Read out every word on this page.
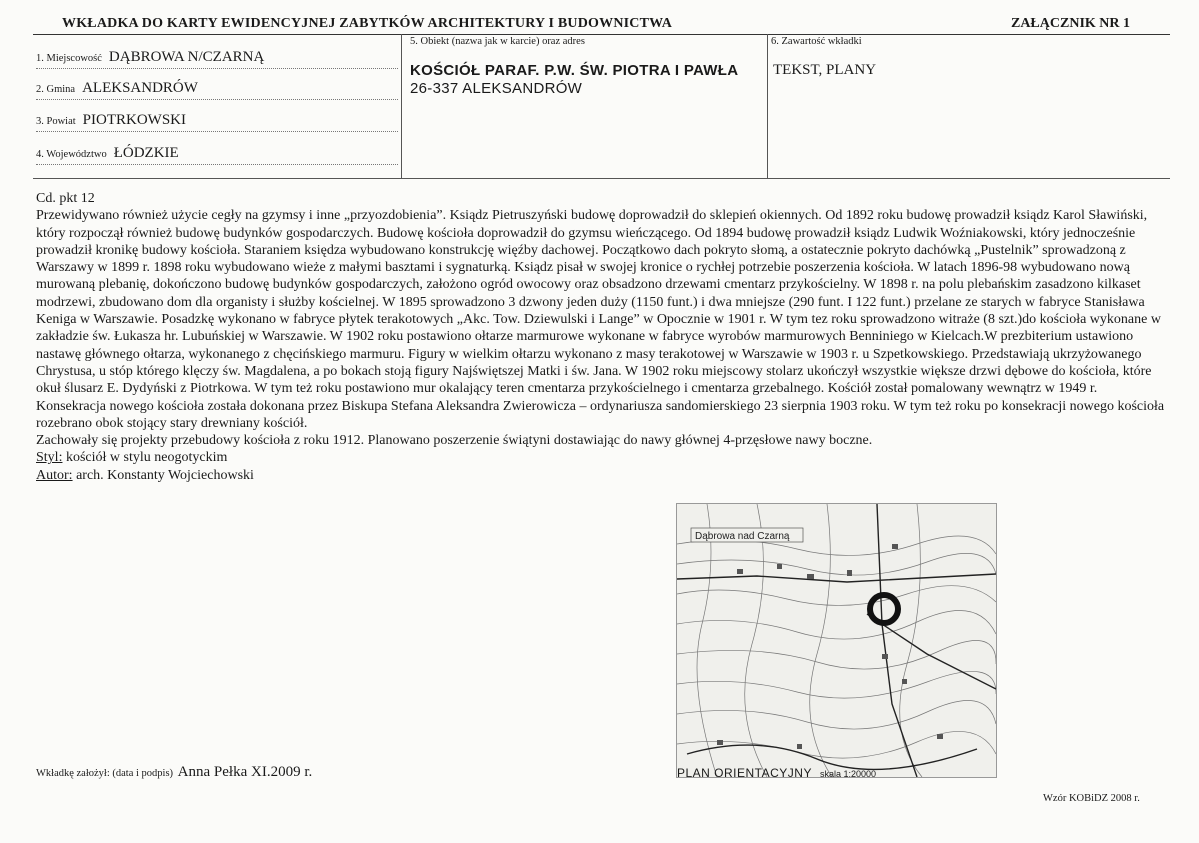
WKŁADKA DO KARTY EWIDENCYJNEJ ZABYTKÓW ARCHITEKTURY I BUDOWNICTWA	ZAŁĄCZNIK NR 1
1. Miejscowość DĄBROWA N/CZARNĄ
2. Gmina ALEKSANDRÓW
3. Powiat PIOTRKOWSKI
4. Województwo ŁÓDZKIE
5. Obiekt (nazwa jak w karcie) oraz adres
KOŚCIÓŁ PARAF. P.W. ŚW. PIOTRA I PAWŁA
26-337 ALEKSANDRÓW
6. Zawartość wkładki
TEKST, PLANY

Cd. pkt 12

Przewidywano również użycie cegły na gzymsy i inne „przyozdobienia”. Ksiądz Pietruszyński budowę doprowadził do sklepień okiennych. Od 1892 roku budowę prowadził ksiądz Karol Sławiński, który rozpoczął również budowę budynków gospodarczych. Budowę kościoła doprowadził do gzymsu wieńczącego. Od 1894 budowę prowadził ksiądz Ludwik Woźniakowski, który jednocześnie prowadził kronikę budowy kościoła. Staraniem księdza wybudowano konstrukcję więźby dachowej. Początkowo dach pokryto słomą, a ostatecznie pokryto dachówką „Pustelnik” sprowadzoną z Warszawy w 1899 r. 1898 roku wybudowano wieże z małymi basztami i sygnaturką. Ksiądz pisał w swojej kronice o rychłej potrzebie poszerzenia kościoła. W latach 1896-98 wybudowano nową murowaną plebanię, dokończono budowę budynków gospodarczych, założono ogród owocowy oraz obsadzono drzewami cmentarz przykościelny. W 1898 r. na polu plebańskim zasadzono kilkaset modrzewi, zbudowano dom dla organisty i służby kościelnej. W 1895 sprowadzono 3 dzwony jeden duży (1150 funt.) i dwa mniejsze (290 funt. I 122 funt.) przelane ze starych w fabryce Stanisława Keniga w Warszawie. Posadzkę wykonano w fabryce płytek terakotowych „Akc. Tow. Dziewulski i Lange” w Opocznie w 1901 r. W tym tez roku sprowadzono witraże (8 szt.)do kościoła wykonane w zakładzie św. Łukasza hr. Lubuńskiej w Warszawie. W 1902 roku postawiono ołtarze marmurowe wykonane w fabryce wyrobów marmurowych Benniniego w Kielcach.W prezbiterium ustawiono nastawę głównego ołtarza, wykonanego z chęcińskiego marmuru. Figury w wielkim ołtarzu wykonano z masy terakotowej w Warszawie w 1903 r. u Szpetkowskiego. Przedstawiają ukrzyżowanego Chrystusa, u stóp którego klęczy św. Magdalena, a po bokach stoją figury Najświętszej Matki i św. Jana. W 1902 roku miejscowy stolarz ukończył wszystkie większe drzwi dębowe do kościoła, które okuł ślusarz E. Dydyński z Piotrkowa. W tym też roku postawiono mur okalający teren cmentarza przykościelnego i cmentarza grzebalnego. Kościół został pomalowany wewnątrz w 1949 r. Konsekracja nowego kościoła została dokonana przez Biskupa Stefana Aleksandra Zwierowicza – ordynariusza sandomierskiego 23 sierpnia 1903 roku. W tym też roku po konsekracji nowego kościoła rozebrano obok stojący stary drewniany kościół.

Zachowały się projekty przebudowy kościoła z roku 1912. Planowano poszerzenie świątyni dostawiając do nawy głównej 4-przęsłowe nawy boczne.

Styl: kościół w stylu neogotyckim

Autor: arch. Konstanty Wojciechowski

Dąbrowa nad Czarną
PLAN ORIENTACYJNY skala 1:20000
Wkładkę założył: (data i podpis) Anna Pełka XI.2009 r.
Wzór KOBiDZ 2008 r.
